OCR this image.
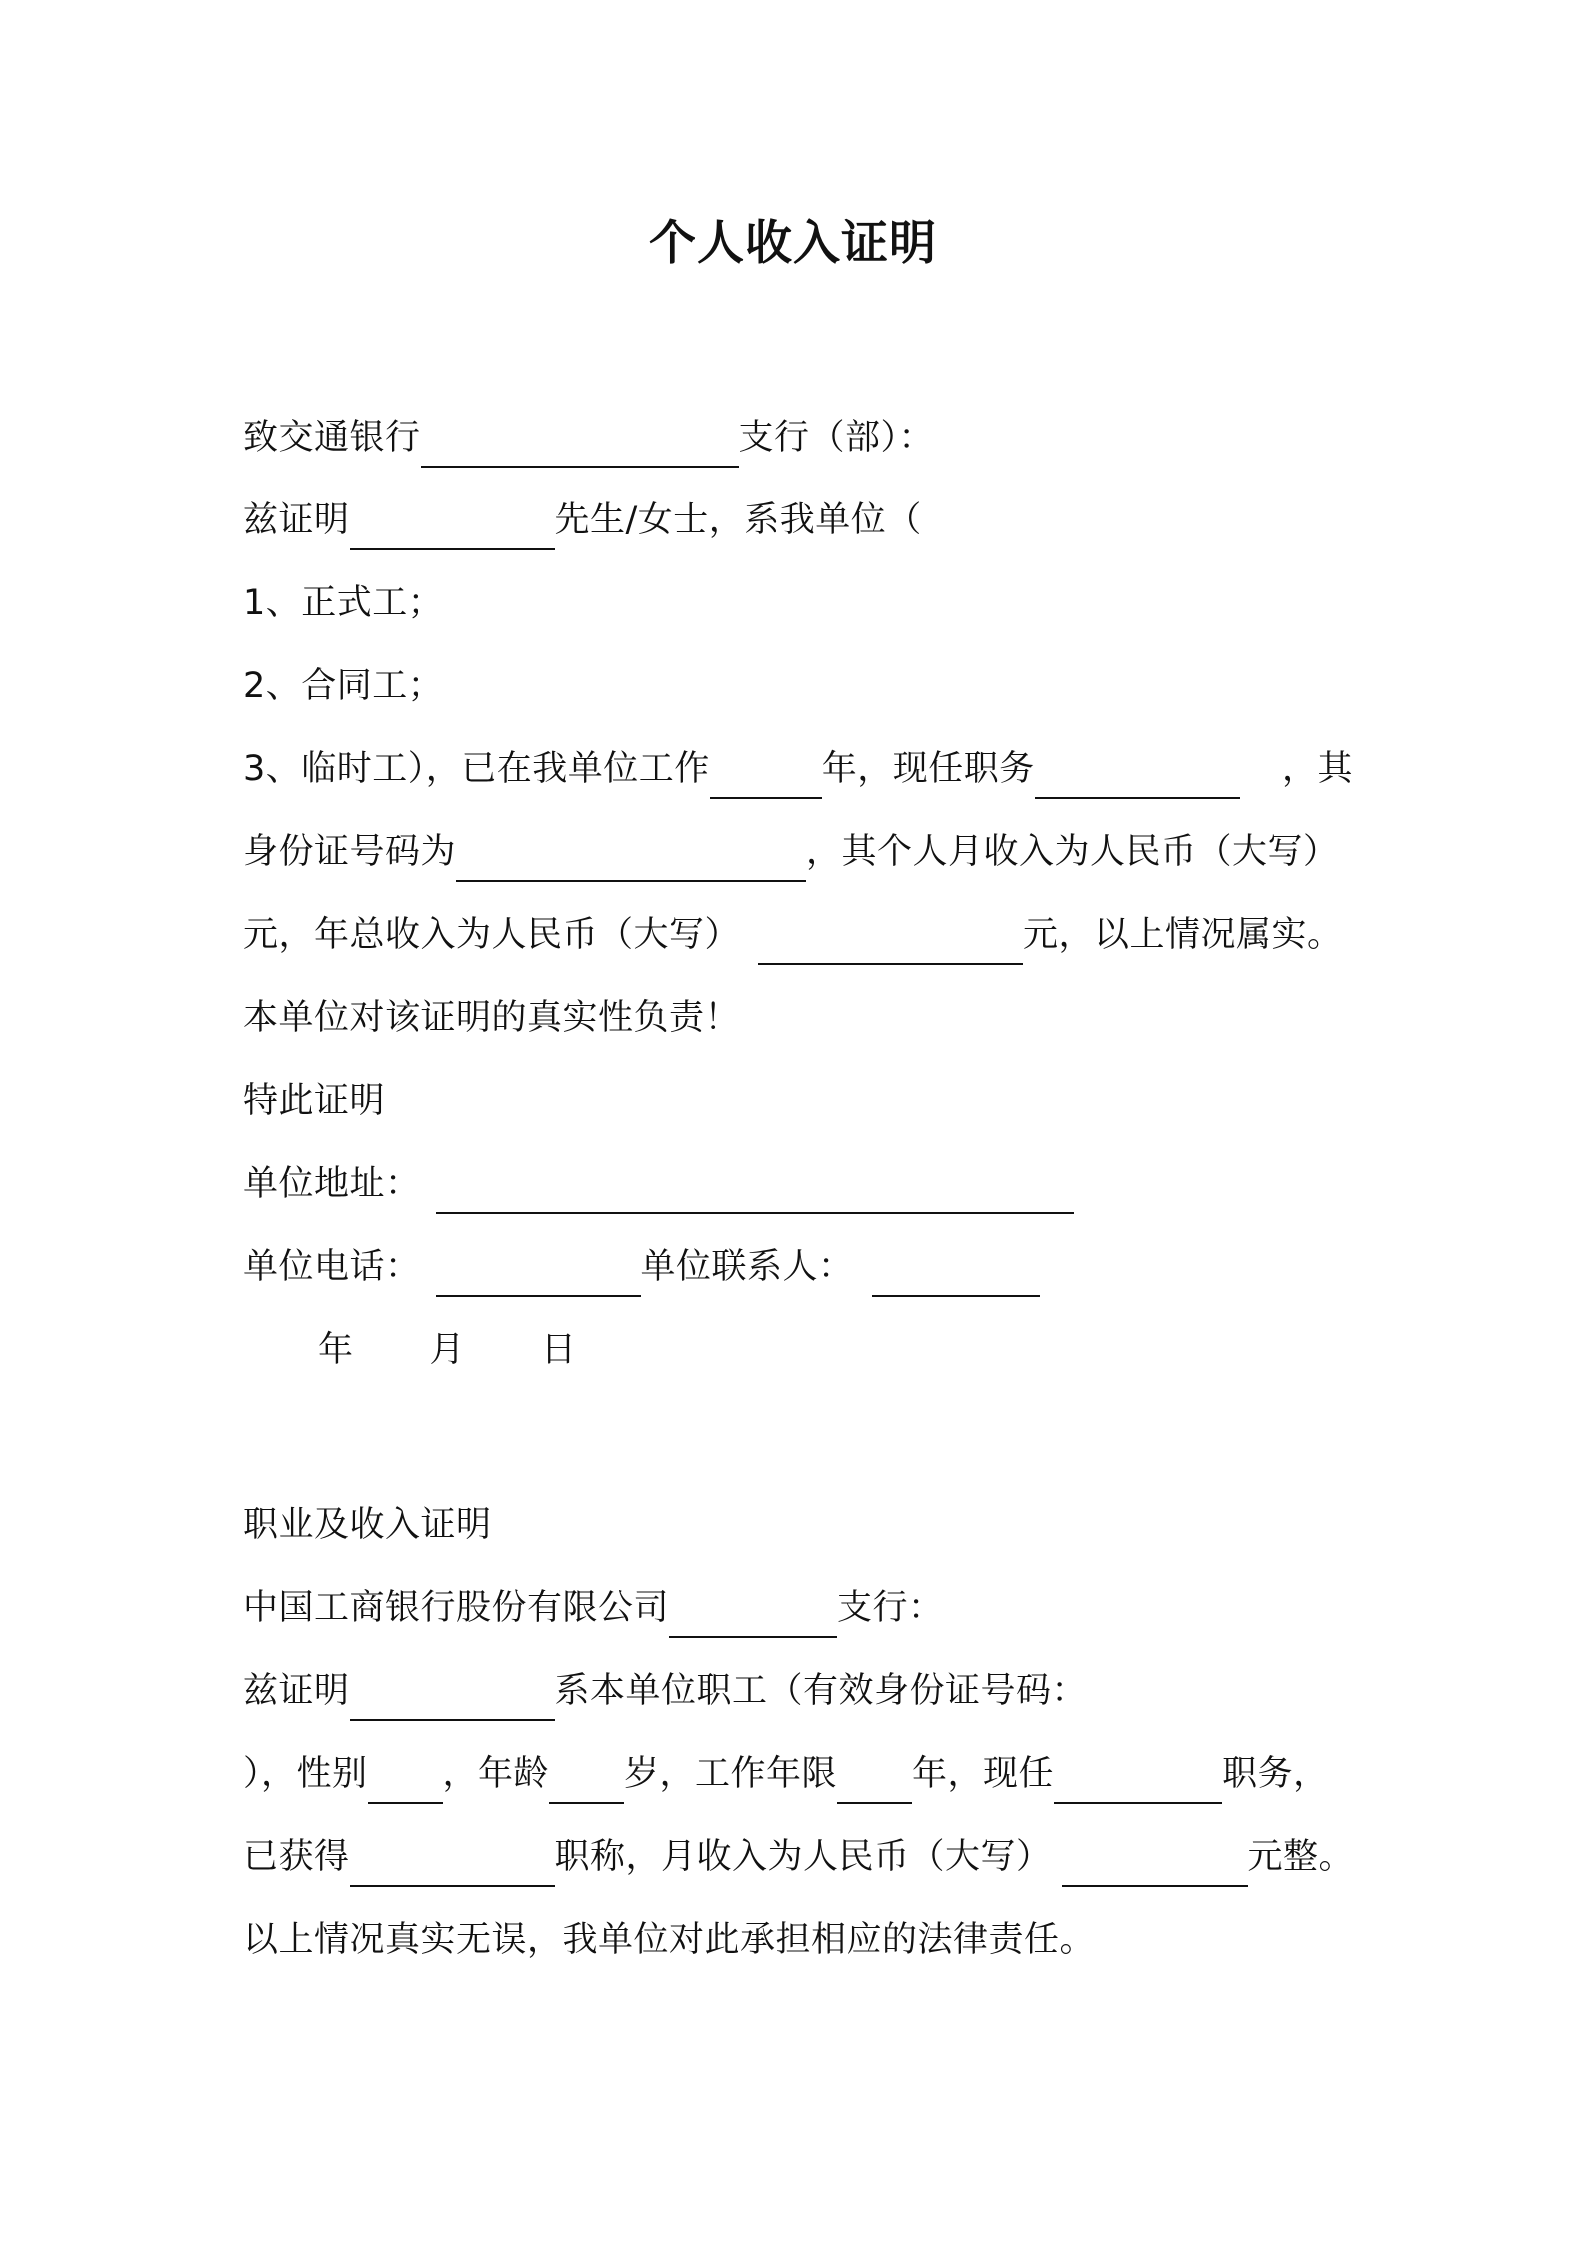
个人收入证明
致交通银行	支行（部）：
兹证明	先生/女士，系我单位（
1、正式工；
2、合同工；
3、临时工），已在我单位工作	年，现任职务	，其
身份证号码为	，其个人月收入为人民币（大写）
元，年总收入为人民币（大写）	元，以上情况属实。
本单位对该证明的真实性负责！
特此证明
单位地址：
单位电话：	单位联系人：
年 月 日
职业及收入证明
中国工商银行股份有限公司	支行：
兹证明	系本单位职工（有效身份证号码：
），性别 ，年龄 岁，工作年限 年，现任	职务，
已获得	职称，月收入为人民币（大写）	元整。
以上情况真实无误，我单位对此承担相应的法律责任。
